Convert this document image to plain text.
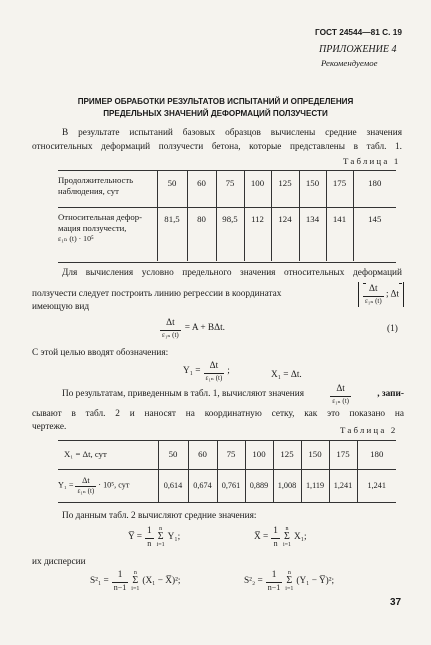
ГОСТ 24544—81 С. 19
ПРИЛОЖЕНИЕ 4
Рекомендуемое
ПРИМЕР ОБРАБОТКИ РЕЗУЛЬТАТОВ ИСПЫТАНИЙ И ОПРЕДЕЛЕНИЯ
ПРЕДЕЛЬНЫХ ЗНАЧЕНИЙ ДЕФОРМАЦИЙ ПОЛЗУЧЕСТИ
В результате испытаний базовых образцов вычислены средние значения
относительных деформаций ползучести бетона, которые представлены в табл. 1.
Таблица 1
Продолжительность
наблюдения, сут	50	60	75	100	125	150	175	180

Относительная дефор-
мация ползучести,
ε₁ₙ (t) · 10⁵	81,5	80	98,5	112	124	134	141	145
Для вычисления условно предельного значения относительных деформаций
ползучести следует построить линию регрессии в координатах	$\frac{\Delta t}{\text{ε₁ₙ (t)}}$ ; Δt
имеющую вид
$\frac{\Delta t}{\text{ε₁ₙ (t)}} = A + B\Delta t$.	(1)
С этой целью вводят обозначения:
$Y_1 = \frac{\Delta t}{\text{ε₁ₙ (t)}}$ ;	X₁ = Δt.
По результатам, приведенным в табл. 1, вычисляют значения	$\frac{\Delta t}{\text{ε₁ₙ (t)}}$	, запи-
сывают в табл. 2 и наносят на координатную сетку, как это показано на
чертеже.	Таблица 2
X₁ = Δt, сут	50	60	75	100	125	150	175	180
$Y_1 = \frac{\Delta t}{\text{ε₁ₙ (t)}} \cdot 10^5$, сут	0,614	0,674	0,761	0,889	1,008	1,119	1,241	1,241
По данным табл. 2 вычисляют средние значения:
Y̅ = $\frac{1}{n}$ n
Σ
i=1
Y₁;	X̅ = $\frac{1}{n}$ n
Σ
i=1
X₁;
их дисперсии
$S^2_1 = \frac{1}{n-1}$ n
Σ
i=1
(X₁ − X̅)²;	$S^2_2 = \frac{1}{n-1}$ n
Σ
i=1
(Y₁ − Y̅)²;
37
